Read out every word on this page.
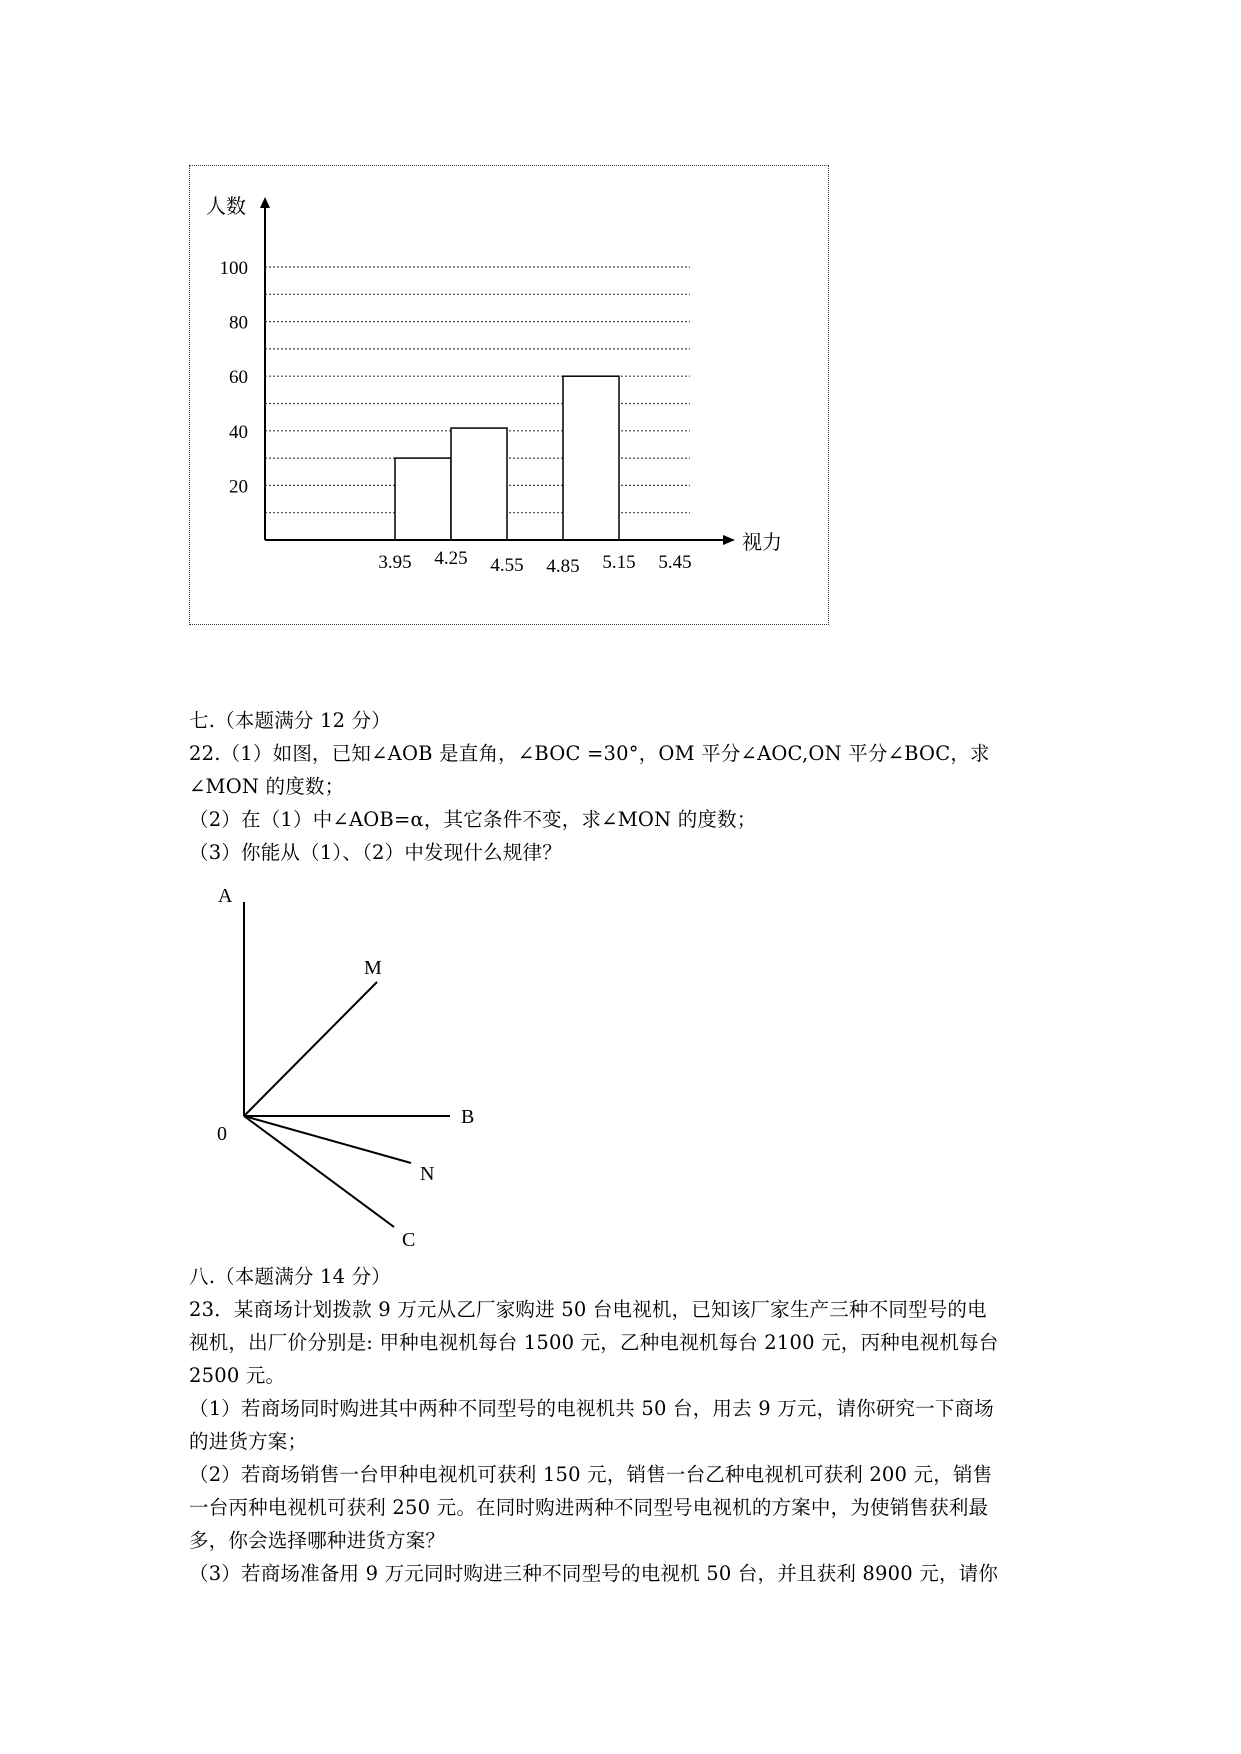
人数
视力
20
40
60
80
100
3.95 4.25 4.55 4.85 5.15 5.45
七.（本题满分 12 分）
22.（1）如图，已知∠AOB 是直角，∠BOC =30°，OM 平分∠AOC,ON 平分∠BOC，求
∠MON 的度数；
（2）在（1）中∠AOB=α，其它条件不变，求∠MON 的度数；
（3）你能从（1）、（2）中发现什么规律？
A
M
0
B
N
C
八.（本题满分 14 分）
23．某商场计划拨款 9 万元从乙厂家购进 50 台电视机，已知该厂家生产三种不同型号的电
视机，出厂价分别是: 甲种电视机每台 1500 元，乙种电视机每台 2100 元，丙种电视机每台
2500 元。
（1）若商场同时购进其中两种不同型号的电视机共 50 台，用去 9 万元，请你研究一下商场
的进货方案；
（2）若商场销售一台甲种电视机可获利 150 元，销售一台乙种电视机可获利 200 元，销售
一台丙种电视机可获利 250 元。在同时购进两种不同型号电视机的方案中，为使销售获利最
多，你会选择哪种进货方案？
（3）若商场准备用 9 万元同时购进三种不同型号的电视机 50 台，并且获利 8900 元，请你
